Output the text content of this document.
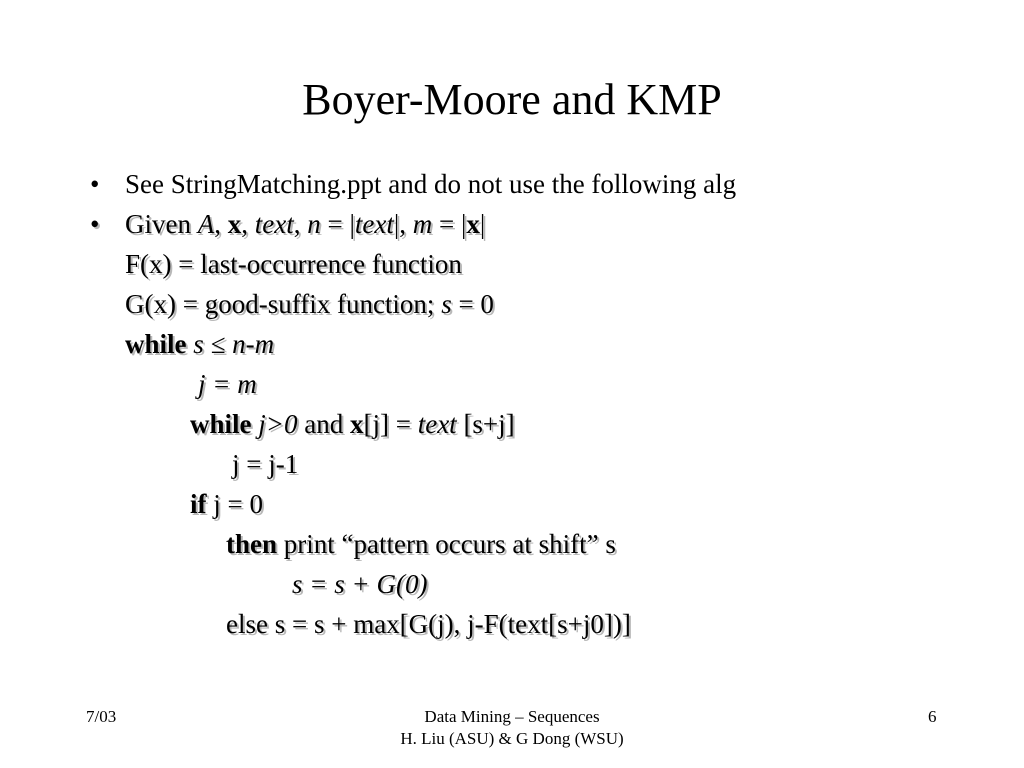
Boyer-Moore and KMP
• See StringMatching.ppt and do not use the following alg
• Given A, x, text, n = |text|, m = |x|
F(x) = last-occurrence function
G(x) = good-suffix function; s = 0
while s ≤ n-m
j = m
while j>0 and x[j] = text [s+j]
j = j-1
if j = 0
then print “pattern occurs at shift” s
s = s + G(0)
else s = s + max[G(j), j-F(text[s+j0])]
7/03	Data Mining – Sequences
H. Liu (ASU) & G Dong (WSU)
6
